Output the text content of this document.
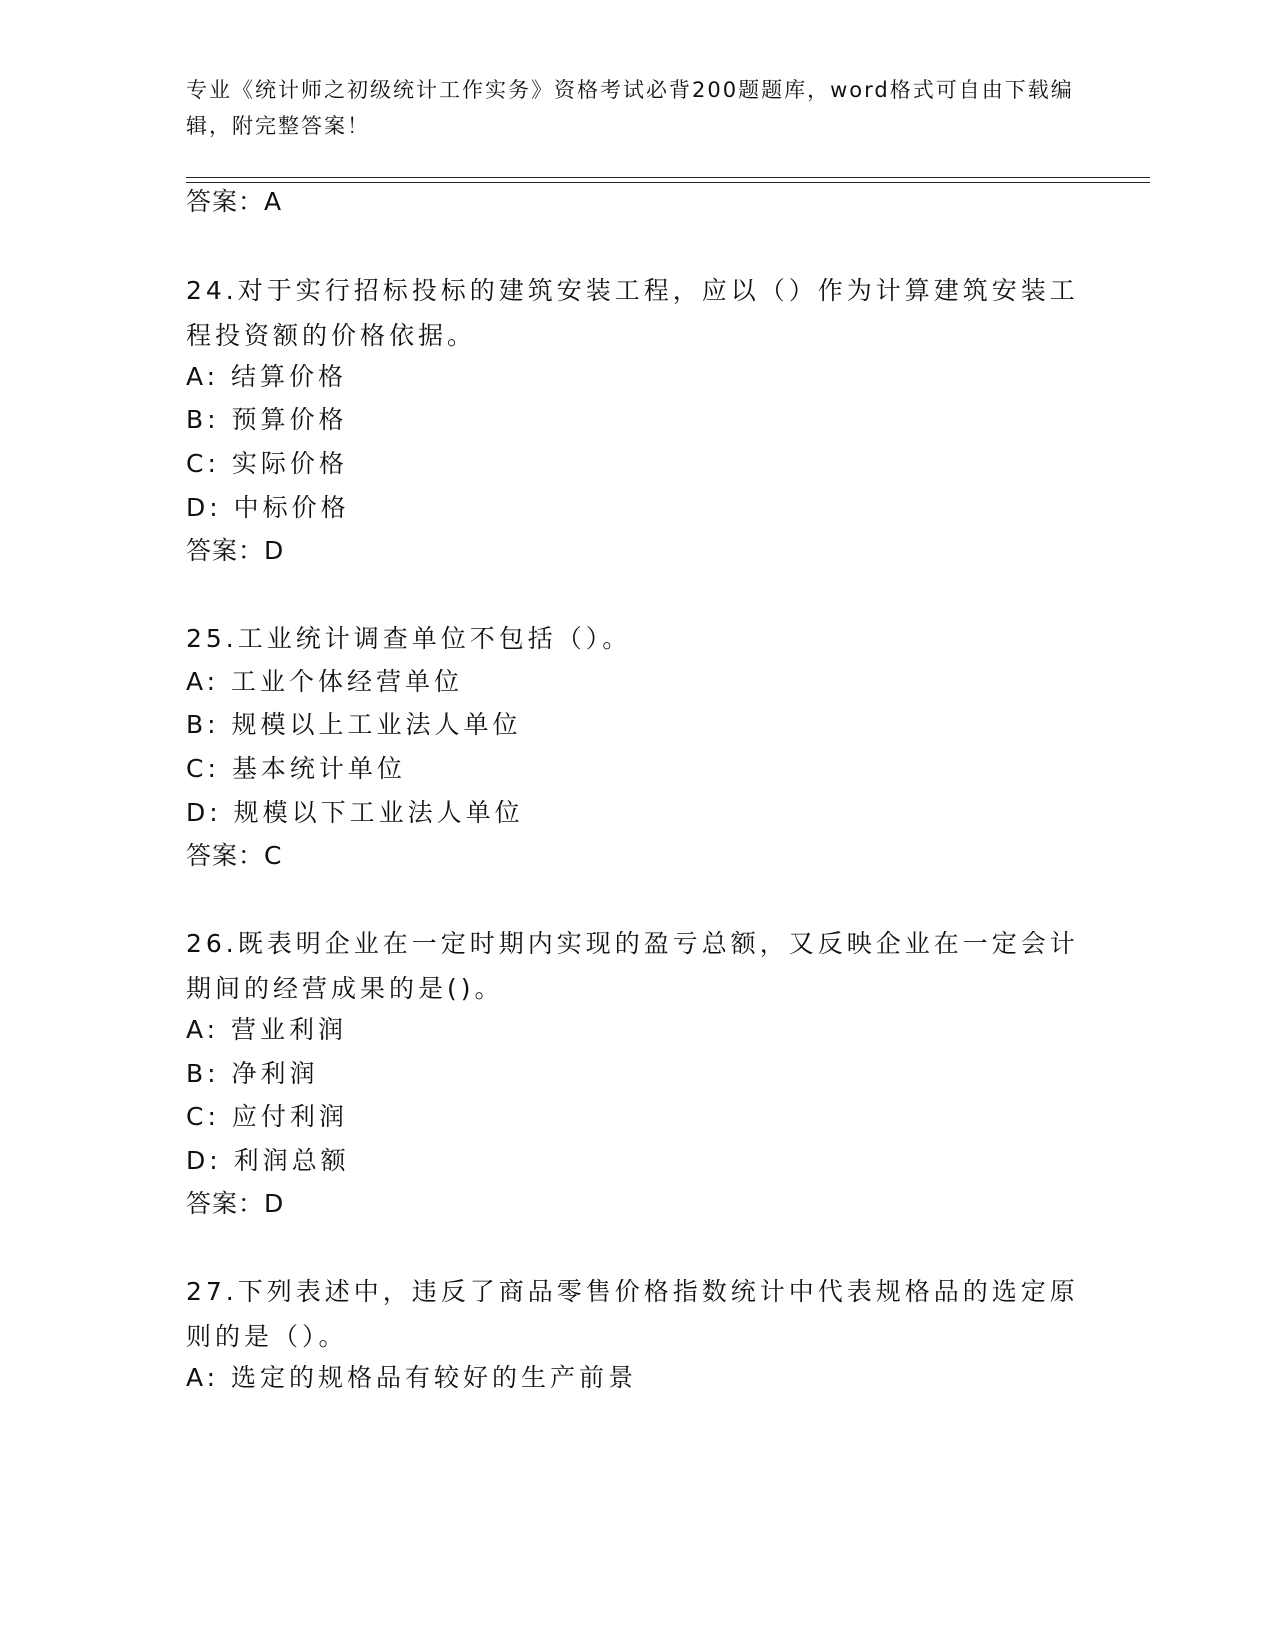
专业《统计师之初级统计工作实务》资格考试必背200题题库，word格式可自由下载编辑，附完整答案！
答案：A
24.对于实行招标投标的建筑安装工程，应以（）作为计算建筑安装工程投资额的价格依据。
A: 结算价格
B: 预算价格
C: 实际价格
D: 中标价格
答案：D
25.工业统计调查单位不包括（）。
A: 工业个体经营单位
B: 规模以上工业法人单位
C: 基本统计单位
D: 规模以下工业法人单位
答案：C
26.既表明企业在一定时期内实现的盈亏总额，又反映企业在一定会计期间的经营成果的是()。
A: 营业利润
B: 净利润
C: 应付利润
D: 利润总额
答案：D
27.下列表述中，违反了商品零售价格指数统计中代表规格品的选定原则的是（）。
A: 选定的规格品有较好的生产前景
